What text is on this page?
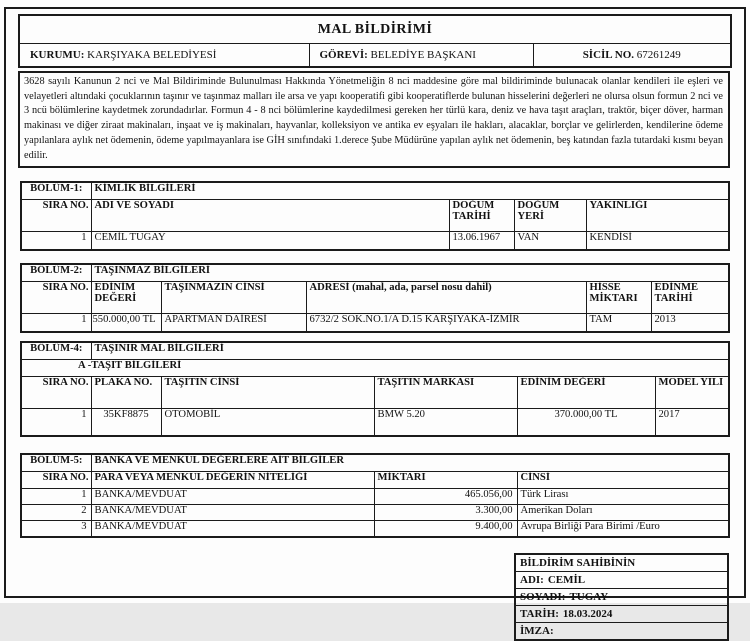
MAL BİLDİRİMİ
KURUMU: KARŞIYAKA BELEDİYESİ	GÖREVİ: BELEDİYE BAŞKANI	SİCİL NO. 67261249
3628 sayılı Kanunun 2 nci ve Mal Bildiriminde Bulunulması Hakkında Yönetmeliğin 8 nci maddesine göre mal bildiriminde bulunacak olanlar kendileri ile eşleri ve velayetleri altındaki çocuklarının taşınır ve taşınmaz malları ile arsa ve yapı kooperatifi gibi kooperatiflerde bulunan hisselerini değerleri ne olursa olsun formun 2 nci ve 3 ncü bölümlerine kaydetmek zorundadırlar. Formun 4 - 8 nci bölümlerine kaydedilmesi gereken her türlü kara, deniz ve hava taşıt araçları, traktör, biçer döver, harman makinası ve diğer ziraat makinaları, inşaat ve iş makinaları, hayvanlar, kolleksiyon ve antika ev eşyaları ile hakları, alacaklar, borçlar ve gelirlerden, kendilerine ödeme yapılanlara aylık net ödemenin, ödeme yapılmayanlara ise GİH sınıfındaki 1.derece Şube Müdürüne yapılan aylık net ödemenin, beş katından fazla tutardaki kısmı beyan edilir.
BÖLÜM-1:	KİMLİK BİLGİLERİ			
SIRA NO.	ADI VE SOYADI	DOĞUM TARİHİ	DOĞUM YERİ	YAKINLIĞI
1	CEMİL TUGAY	13.06.1967	VAN	KENDİSİ
BÖLÜM-2:	TAŞINMAZ BİLGİLERİ				
SIRA NO.	EDİNİM DEĞERİ	TAŞINMAZIN CİNSİ	ADRESİ (mahal, ada, parsel nosu dahil)	HİSSE MİKTARI	EDİNME TARİHİ
1	550.000,00 TL	APARTMAN DAİRESİ	6732/2 SOK.NO.1/A D.15 KARŞIYAKA-İZMİR	TAM	2013
BÖLÜM-4:	TAŞINIR MAL BİLGİLERİ				
A -TAŞIT BİLGİLERİ					
SIRA NO.	PLAKA NO.	TAŞITIN CİNSİ	TAŞITIN MARKASI	EDİNİM DEĞERİ	MODEL YILI
1	35KF8875	OTOMOBİL	BMW 5.20	370.000,00 TL	2017
BÖLÜM-5:	BANKA VE MENKUL DEĞERLERE AİT BİLGİLER		
SIRA NO.	PARA VEYA MENKUL DEĞERİN NİTELİĞİ	MİKTARI	CİNSİ
1	BANKA/MEVDUAT	465.056,00	Türk Lirası
2	BANKA/MEVDUAT	3.300,00	Amerikan Doları
3	BANKA/MEVDUAT	9.400,00	Avrupa Birliği Para Birimi /Euro
BİLDİRİM SAHİBİNİN
ADI: CEMİL
SOYADI: TUGAY
TARİH: 18.03.2024
İMZA:
